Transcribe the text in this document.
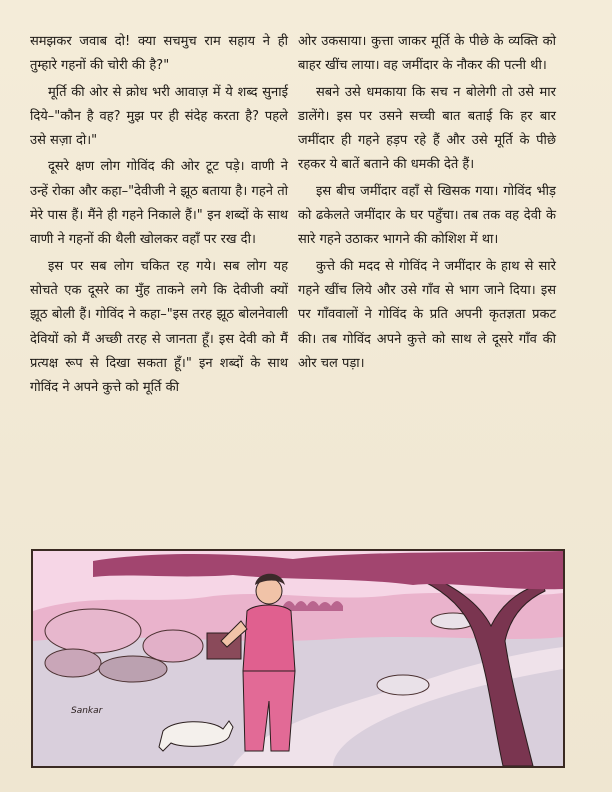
समझकर जवाब दो! क्या सचमुच राम सहाय ने ही तुम्हारे गहनों की चोरी की है?"

मूर्ति की ओर से क्रोध भरी आवाज़ में ये शब्द सुनाई दिये–"कौन है वह? मुझ पर ही संदेह करता है? पहले उसे सज़ा दो।"

दूसरे क्षण लोग गोविंद की ओर टूट पड़े। वाणी ने उन्हें रोका और कहा–"देवीजी ने झूठ बताया है। गहने तो मेरे पास हैं। मैंने ही गहने निकाले हैं।" इन शब्दों के साथ वाणी ने गहनों की थैली खोलकर वहाँ पर रख दी।

इस पर सब लोग चकित रह गये। सब लोग यह सोचते एक दूसरे का मुँह ताकने लगे कि देवीजी क्यों झूठ बोली हैं। गोविंद ने कहा–"इस तरह झूठ बोलनेवाली देवियों को मैं अच्छी तरह से जानता हूँ। इस देवी को मैं प्रत्यक्ष रूप से दिखा सकता हूँ।" इन शब्दों के साथ गोविंद ने अपने कुत्ते को मूर्ति की

ओर उकसाया। कुत्ता जाकर मूर्ति के पीछे के व्यक्ति को बाहर खींच लाया। वह जमींदार के नौकर की पत्नी थी।

सबने उसे धमकाया कि सच न बोलेगी तो उसे मार डालेंगे। इस पर उसने सच्ची बात बताई कि हर बार जमींदार ही गहने हड़प रहे हैं और उसे मूर्ति के पीछे रहकर ये बातें बताने की धमकी देते हैं।

इस बीच जमींदार वहाँ से खिसक गया। गोविंद भीड़ को ढकेलते जमींदार के घर पहुँचा। तब तक वह देवी के सारे गहने उठाकर भागने की कोशिश में था।

कुत्ते की मदद से गोविंद ने जमींदार के हाथ से सारे गहने खींच लिये और उसे गाँव से भाग जाने दिया। इस पर गाँववालों ने गोविंद के प्रति अपनी कृतज्ञता प्रकट की। तब गोविंद अपने कुत्ते को साथ ले दूसरे गाँव की ओर चल पड़ा।

Sankar
